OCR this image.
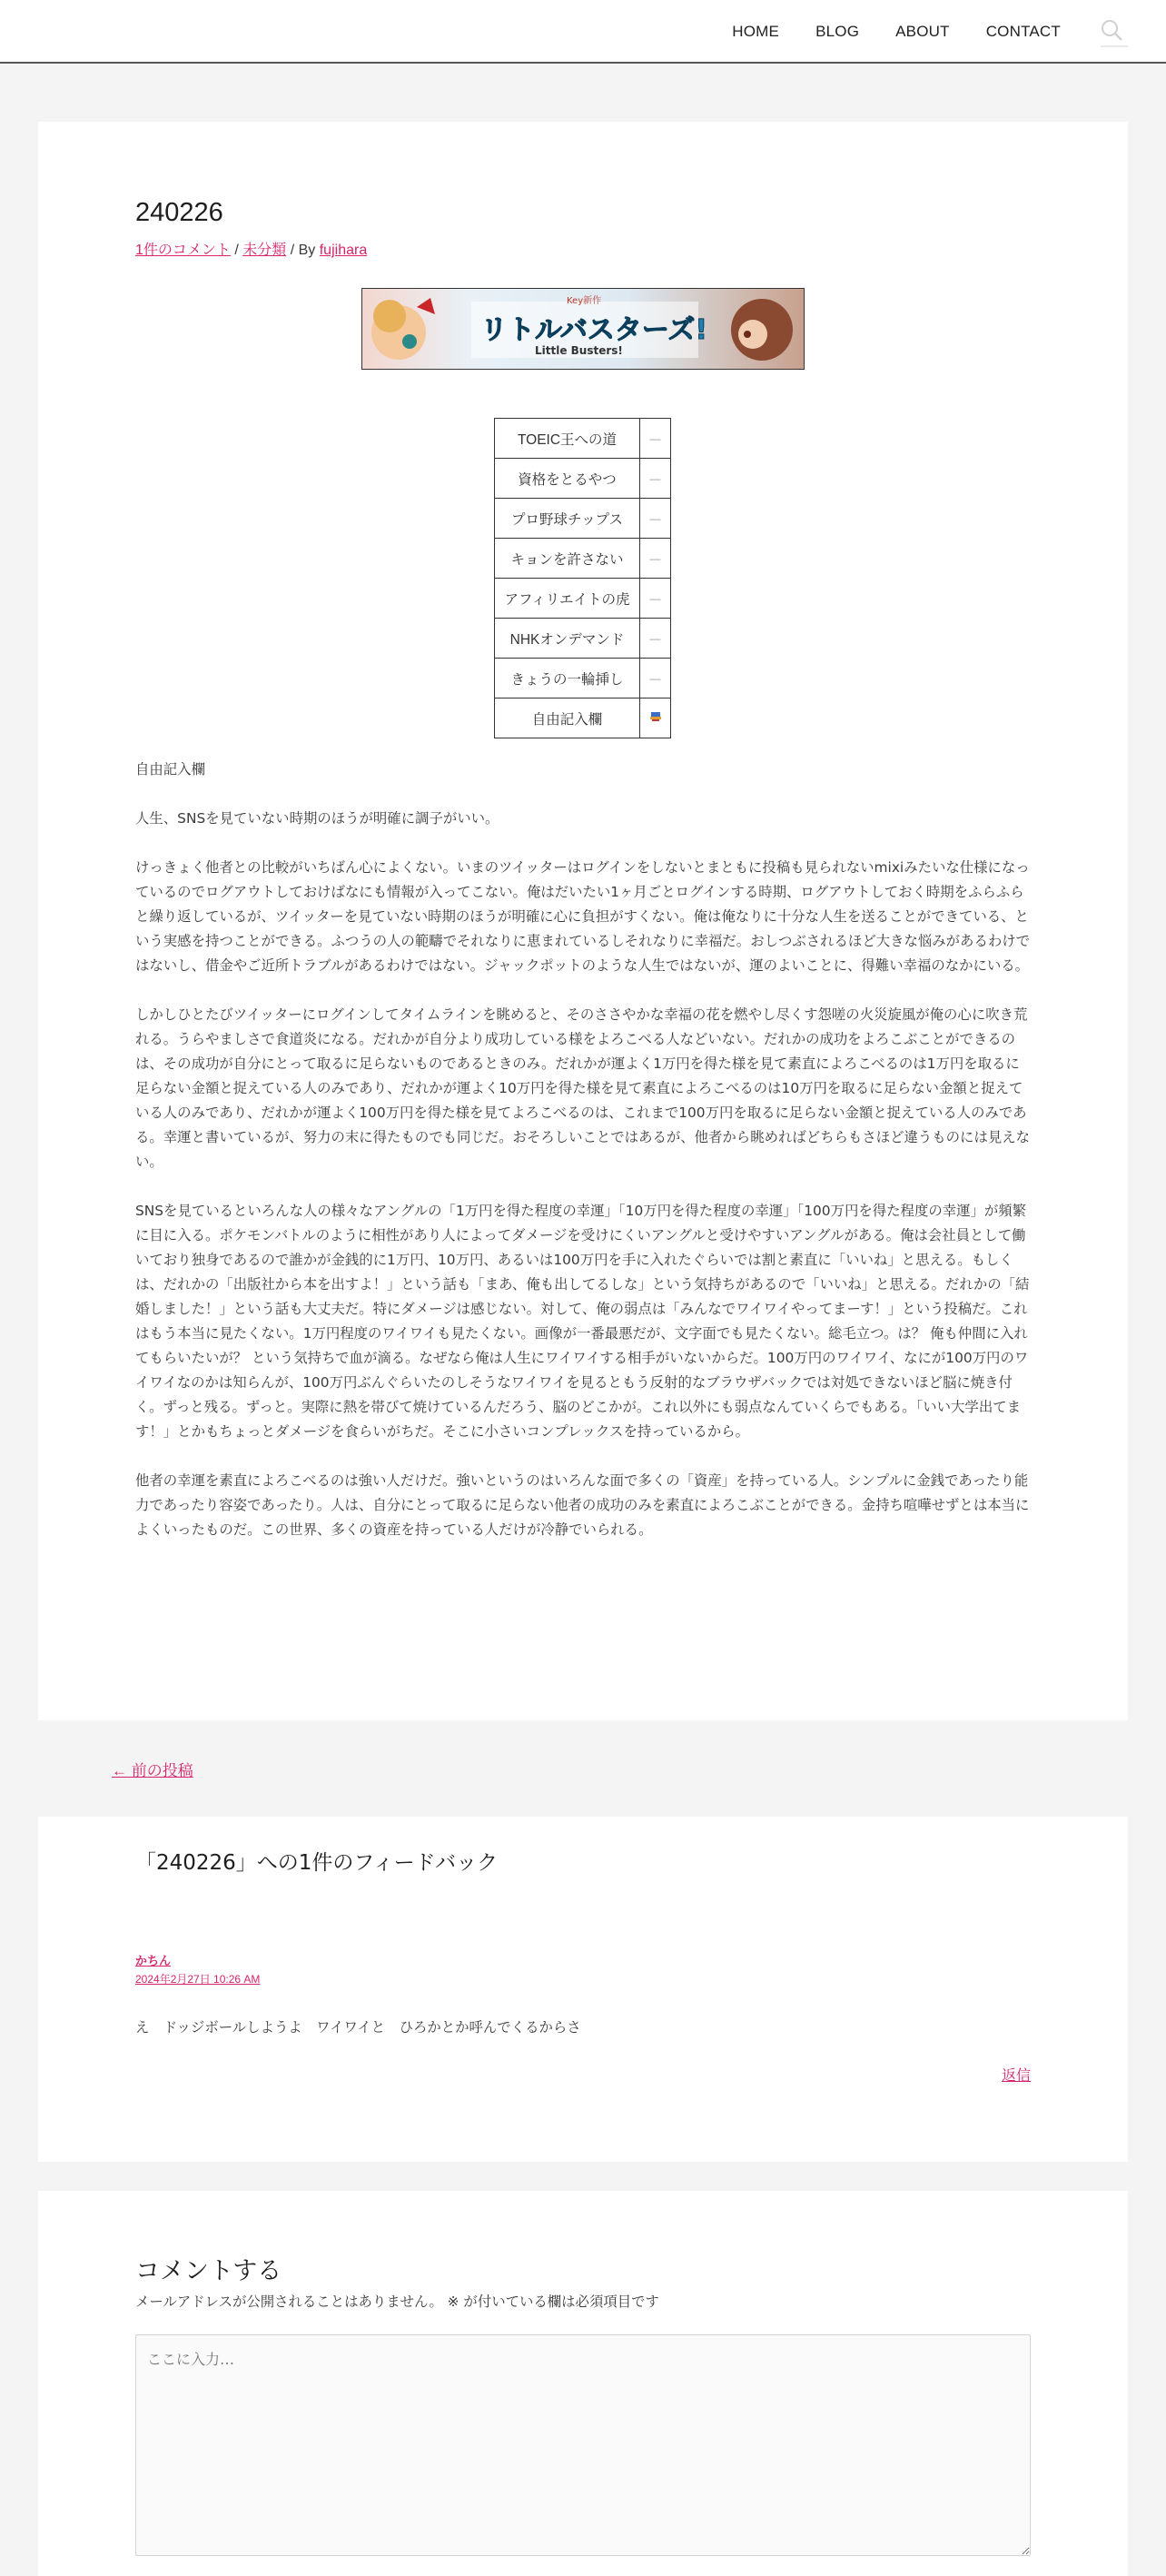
HOME BLOG ABOUT CONTACT
240226
1件のコメント / 未分類 / By fujihara
Key新作
リトルバスターズ!
Little Busters!
TOEIC王への道	—
資格をとるやつ	—
プロ野球チップス	—
キョンを許さない	—
アフィリエイトの虎	—
NHKオンデマンド	—
きょうの一輪挿し	—
自由記入欄	

自由記入欄

人生、SNSを見ていない時期のほうが明確に調子がいい。

けっきょく他者との比較がいちばん心によくない。いまのツイッターはログインをしないとまともに投稿も見られないmixiみたいな仕様になっているのでログアウトしておけばなにも情報が入ってこない。俺はだいたい1ヶ月ごとログインする時期、ログアウトしておく時期をふらふらと繰り返しているが、ツイッターを見ていない時期のほうが明確に心に負担がすくない。俺は俺なりに十分な人生を送ることができている、という実感を持つことができる。ふつうの人の範疇でそれなりに恵まれているしそれなりに幸福だ。おしつぶされるほど大きな悩みがあるわけではないし、借金やご近所トラブルがあるわけではない。ジャックポットのような人生ではないが、運のよいことに、得難い幸福のなかにいる。

しかしひとたびツイッターにログインしてタイムラインを眺めると、そのささやかな幸福の花を燃やし尽くす怨嗟の火災旋風が俺の心に吹き荒れる。うらやましさで食道炎になる。だれかが自分より成功している様をよろこべる人などいない。だれかの成功をよろこぶことができるのは、その成功が自分にとって取るに足らないものであるときのみ。だれかが運よく1万円を得た様を見て素直によろこべるのは1万円を取るに足らない金額と捉えている人のみであり、だれかが運よく10万円を得た様を見て素直によろこべるのは10万円を取るに足らない金額と捉えている人のみであり、だれかが運よく100万円を得た様を見てよろこべるのは、これまで100万円を取るに足らない金額と捉えている人のみである。幸運と書いているが、努力の末に得たものでも同じだ。おそろしいことではあるが、他者から眺めればどちらもさほど違うものには見えない。

SNSを見ているといろんな人の様々なアングルの「1万円を得た程度の幸運」「10万円を得た程度の幸運」「100万円を得た程度の幸運」が頻繁に目に入る。ポケモンバトルのように相性があり人によってダメージを受けにくいアングルと受けやすいアングルがある。俺は会社員として働いており独身であるので誰かが金銭的に1万円、10万円、あるいは100万円を手に入れたぐらいでは割と素直に「いいね」と思える。もしくは、だれかの「出版社から本を出すよ！」という話も「まあ、俺も出してるしな」という気持ちがあるので「いいね」と思える。だれかの「結婚しました！」という話も大丈夫だ。特にダメージは感じない。対して、俺の弱点は「みんなでワイワイやってまーす！」という投稿だ。これはもう本当に見たくない。1万円程度のワイワイも見たくない。画像が一番最悪だが、文字面でも見たくない。総毛立つ。は？ 俺も仲間に入れてもらいたいが？ という気持ちで血が滴る。なぜなら俺は人生にワイワイする相手がいないからだ。100万円のワイワイ、なにが100万円のワイワイなのかは知らんが、100万円ぶんぐらいたのしそうなワイワイを見るともう反射的なブラウザバックでは対処できないほど脳に焼き付く。ずっと残る。ずっと。実際に熱を帯びて焼けているんだろう、脳のどこかが。これ以外にも弱点なんていくらでもある。「いい大学出てます！」とかもちょっとダメージを食らいがちだ。そこに小さいコンプレックスを持っているから。

他者の幸運を素直によろこべるのは強い人だけだ。強いというのはいろんな面で多くの「資産」を持っている人。シンプルに金銭であったり能力であったり容姿であったり。人は、自分にとって取るに足らない他者の成功のみを素直によろこぶことができる。金持ち喧嘩せずとは本当によくいったものだ。この世界、多くの資産を持っている人だけが冷静でいられる。

← 前の投稿
「240226」への1件のフィードバック
かちん
2024年2月27日 10:26 AM

え　ドッジボールしようよ　ワイワイと　ひろかとか呼んでくるからさ

返信
コメントする

メールアドレスが公開されることはありません。 ※ が付いている欄は必須項目です

ここに入力…
